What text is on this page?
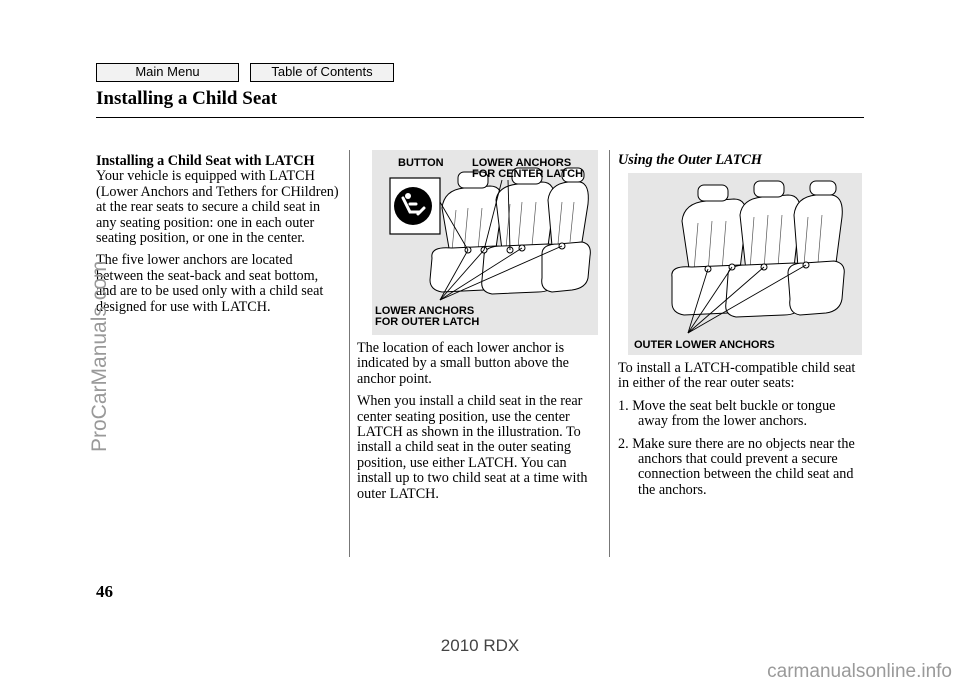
Main Menu	Table of Contents
Installing a Child Seat
Installing a Child Seat with LATCH

Your vehicle is equipped with LATCH (Lower Anchors and Tethers for CHildren) at the rear seats to secure a child seat in any seating position: one in each outer seating position, or one in the center.

The five lower anchors are located between the seat-back and seat bottom, and are to be used only with a child seat designed for use with LATCH.

BUTTON	LOWER ANCHORS
FOR CENTER LATCH
LOWER ANCHORS
FOR OUTER LATCH

The location of each lower anchor is indicated by a small button above the anchor point.

When you install a child seat in the rear center seating position, use the center LATCH as shown in the illustration. To install a child seat in the outer seating position, use either LATCH. You can install up to two child seat at a time with outer LATCH.

Using the Outer LATCH
OUTER LOWER ANCHORS

To install a LATCH-compatible child seat in either of the rear outer seats:

1. Move the seat belt buckle or tongue away from the lower anchors.

2. Make sure there are no objects near the anchors that could prevent a secure connection between the child seat and the anchors.

46
2010 RDX
ProCarManuals.com
carmanualsonline.info
